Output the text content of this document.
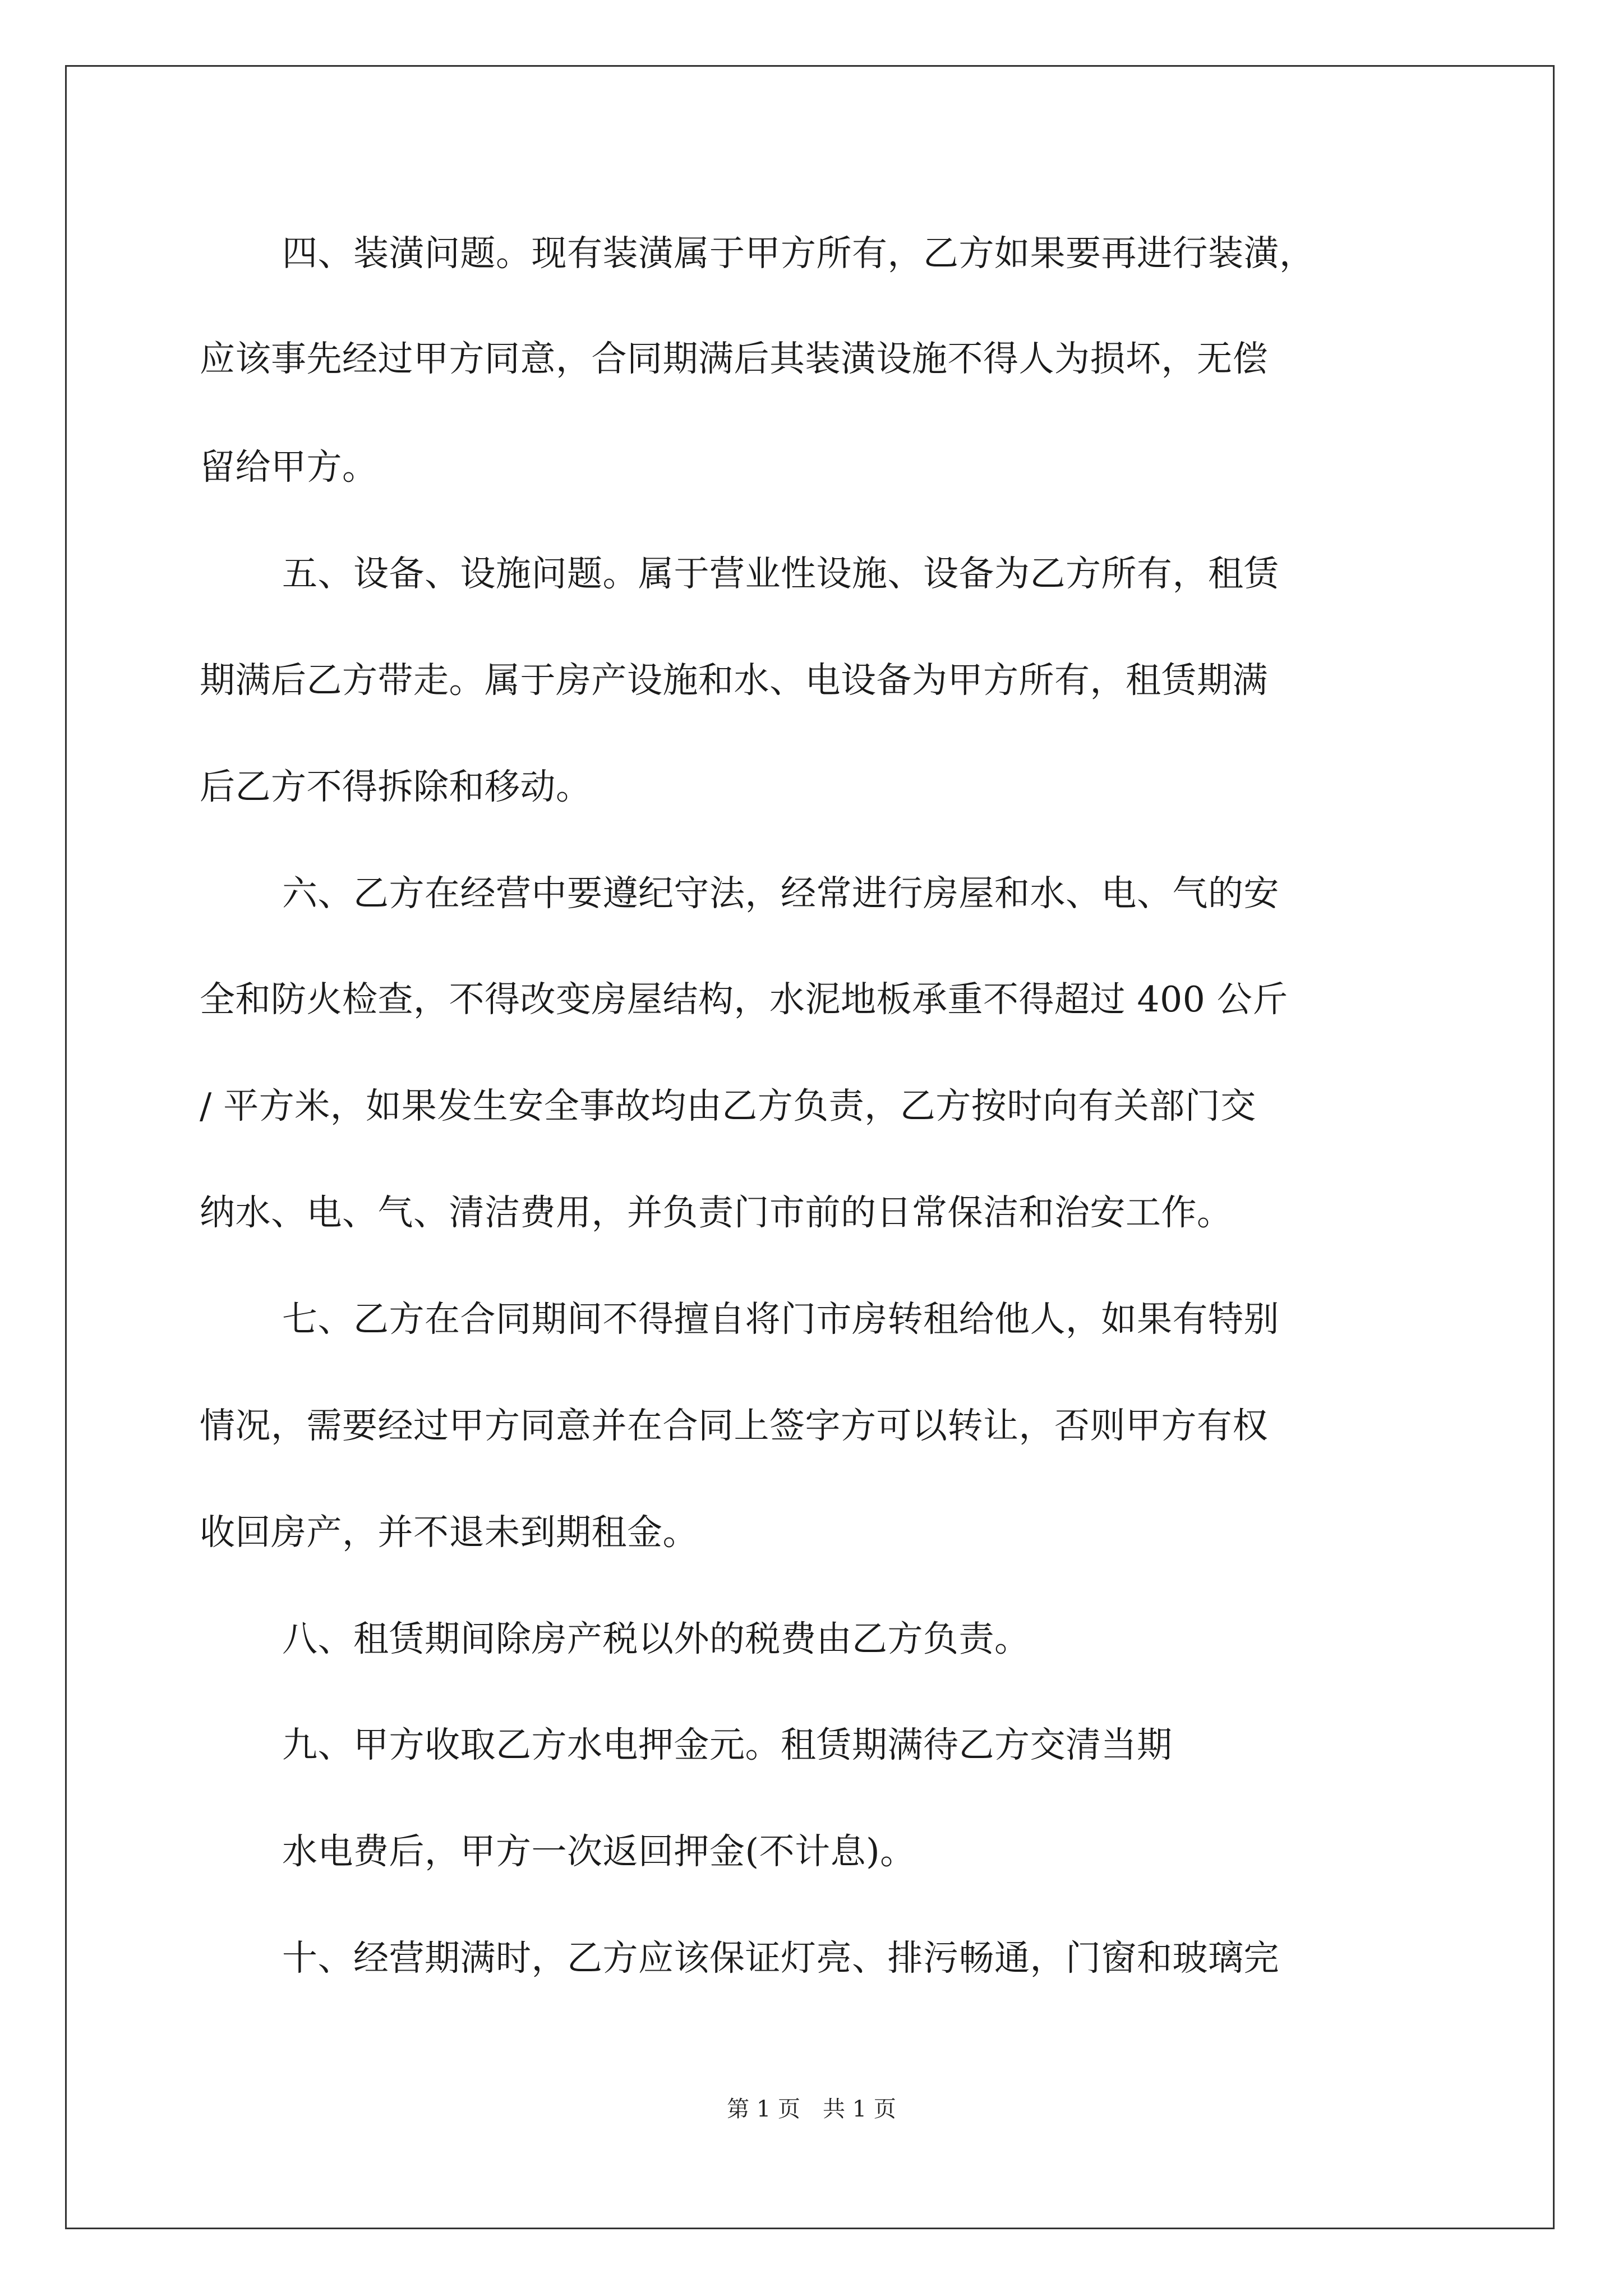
四、装潢问题。现有装潢属于甲方所有，乙方如果要再进行装潢，
应该事先经过甲方同意，合同期满后其装潢设施不得人为损坏，无偿
留给甲方。
五、设备、设施问题。属于营业性设施、设备为乙方所有，租赁
期满后乙方带走。属于房产设施和水、电设备为甲方所有，租赁期满
后乙方不得拆除和移动。
六、乙方在经营中要遵纪守法，经常进行房屋和水、电、气的安
全和防火检查，不得改变房屋结构，水泥地板承重不得超过 400 公斤
/ 平方米，如果发生安全事故均由乙方负责，乙方按时向有关部门交
纳水、电、气、清洁费用，并负责门市前的日常保洁和治安工作。
七、乙方在合同期间不得擅自将门市房转租给他人，如果有特别
情况，需要经过甲方同意并在合同上签字方可以转让，否则甲方有权
收回房产，并不退未到期租金。
八、租赁期间除房产税以外的税费由乙方负责。
九、甲方收取乙方水电押金元。租赁期满待乙方交清当期
水电费后，甲方一次返回押金(不计息)。
十、经营期满时，乙方应该保证灯亮、排污畅通，门窗和玻璃完
第 1 页 共 1 页
